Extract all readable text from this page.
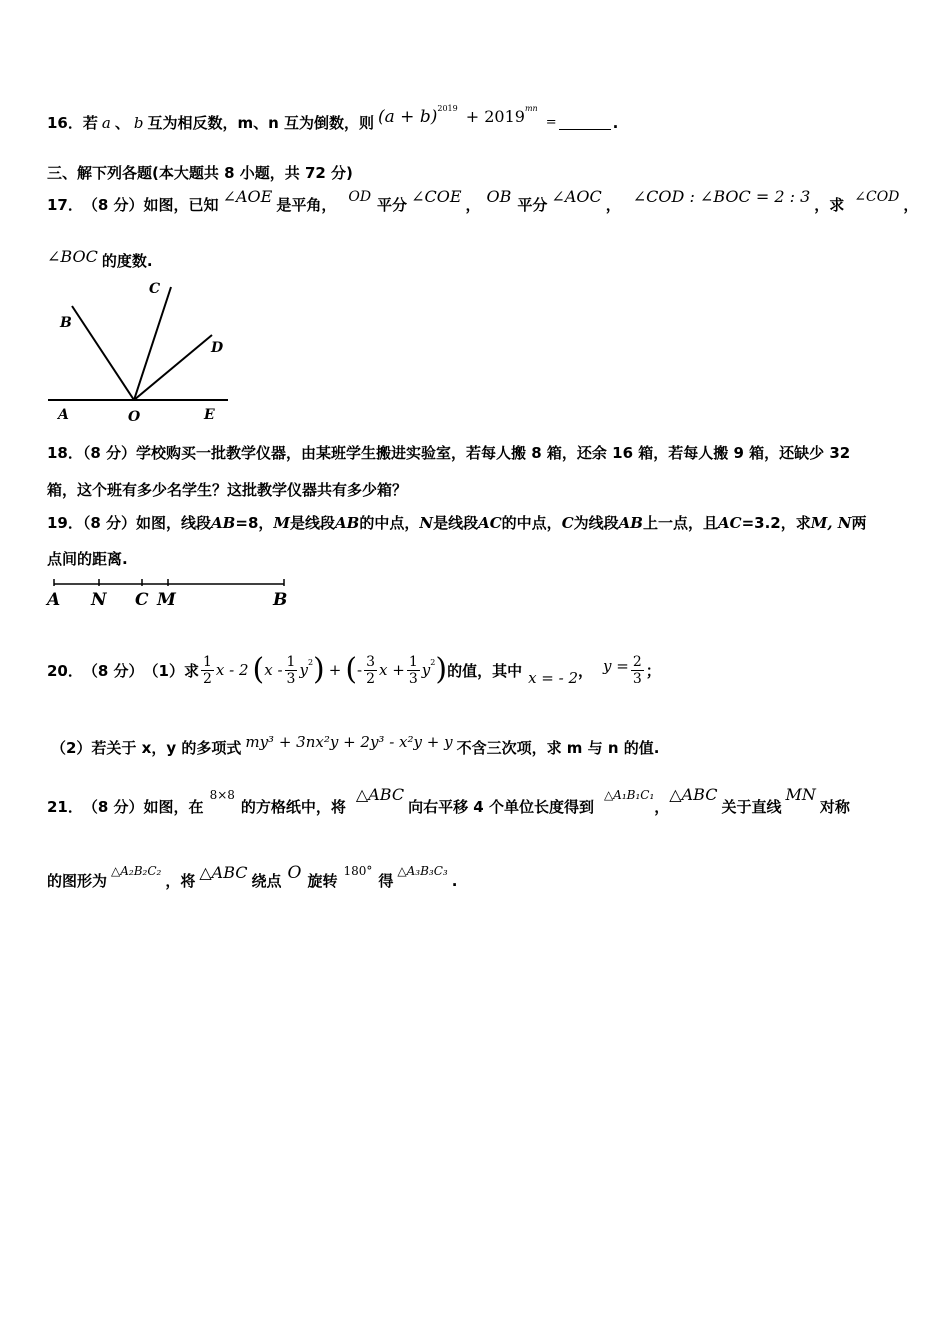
16． 若 a 、 b 互为相反数，m、n 互为倒数，则 (a + b) 2019 + 2019 mn
=	.
三、解下列各题(本大题共 8 小题，共 72 分)
17． （8 分） 如图，已知 ∠AOE 是平角， OD 平分 ∠COE ， OB 平分 ∠AOC ， ∠COD : ∠BOC = 2 : 3 ，求 ∠COD ，
∠BOC 的度数.
B
C
D
A	O	E
18．（8 分）学校购买一批教学仪器，由某班学生搬进实验室，若每人搬 8 箱，还余 16 箱，若每人搬 9 箱，还缺少 32
箱，这个班有多少名学生？这批教学仪器共有多少箱？
19．（8 分）如图，线段 AB =8， M 是线段 AB 的中点， N 是线段 AC 的中点， C 为线段 AB 上一点，且 AC =3.2，求 M, N 两
点间的距离.
A N C M	B
20． （8 分） （1）求 $\frac{1}{2}$ x - 2 ( x - $\frac{1}{3}$ y 2 ) + ( - $\frac{3}{2}$ $x + \frac{1}{3}$ y 2 ) 的值，其中 x = - 2 ， $y = \frac{2}{3}$ ；
（2）若关于 x，y 的多项式 my³ + 3nx²y + 2y³ - x²y + y 不含三次项，求 m 与 n 的值.
21． （8 分） 如图，在
8×8
的方格纸中，将
△ABC
向右平移 4 个单位长度得到
△A₁B₁C₁
，
△ABC
关于直线
MN
对称
的图形为
△A₂B₂C₂
，将 △ABC 绕点 O 旋转
180°
得
△A₃B₃C₃
.
